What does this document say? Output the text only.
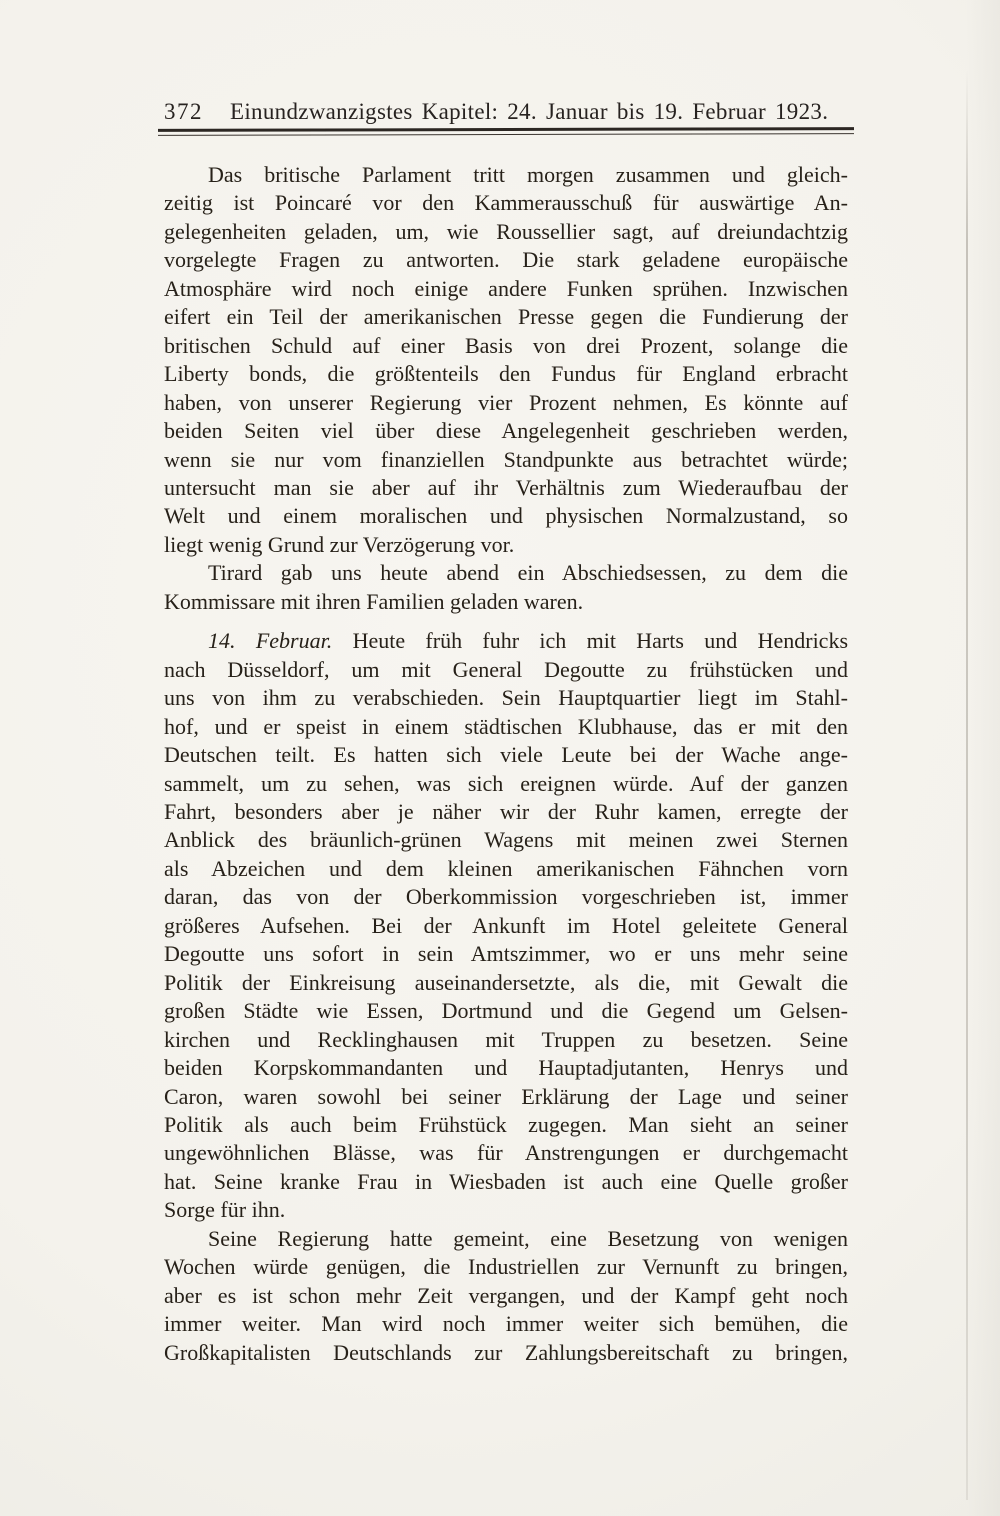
372 Einundzwanzigstes Kapitel: 24. Januar bis 19. Februar 1923.
Das britische Parlament tritt morgen zusammen und gleich-
zeitig ist Poincaré vor den Kammerausschuß für auswärtige An-
gelegenheiten geladen, um, wie Roussellier sagt, auf dreiundachtzig
vorgelegte Fragen zu antworten. Die stark geladene europäische
Atmosphäre wird noch einige andere Funken sprühen. Inzwischen
eifert ein Teil der amerikanischen Presse gegen die Fundierung der
britischen Schuld auf einer Basis von drei Prozent, solange die
Liberty bonds, die größtenteils den Fundus für England erbracht
haben, von unserer Regierung vier Prozent nehmen, Es könnte auf
beiden Seiten viel über diese Angelegenheit geschrieben werden,
wenn sie nur vom finanziellen Standpunkte aus betrachtet würde;
untersucht man sie aber auf ihr Verhältnis zum Wiederaufbau der
Welt und einem moralischen und physischen Normalzustand, so
liegt wenig Grund zur Verzögerung vor.
Tirard gab uns heute abend ein Abschiedsessen, zu dem die
Kommissare mit ihren Familien geladen waren.
14. Februar. Heute früh fuhr ich mit Harts und Hendricks
nach Düsseldorf, um mit General Degoutte zu frühstücken und
uns von ihm zu verabschieden. Sein Hauptquartier liegt im Stahl-
hof, und er speist in einem städtischen Klubhause, das er mit den
Deutschen teilt. Es hatten sich viele Leute bei der Wache ange-
sammelt, um zu sehen, was sich ereignen würde. Auf der ganzen
Fahrt, besonders aber je näher wir der Ruhr kamen, erregte der
Anblick des bräunlich-grünen Wagens mit meinen zwei Sternen
als Abzeichen und dem kleinen amerikanischen Fähnchen vorn
daran, das von der Oberkommission vorgeschrieben ist, immer
größeres Aufsehen. Bei der Ankunft im Hotel geleitete General
Degoutte uns sofort in sein Amtszimmer, wo er uns mehr seine
Politik der Einkreisung auseinandersetzte, als die, mit Gewalt die
großen Städte wie Essen, Dortmund und die Gegend um Gelsen-
kirchen und Recklinghausen mit Truppen zu besetzen. Seine
beiden Korpskommandanten und Hauptadjutanten, Henrys und
Caron, waren sowohl bei seiner Erklärung der Lage und seiner
Politik als auch beim Frühstück zugegen. Man sieht an seiner
ungewöhnlichen Blässe, was für Anstrengungen er durchgemacht
hat. Seine kranke Frau in Wiesbaden ist auch eine Quelle großer
Sorge für ihn.
Seine Regierung hatte gemeint, eine Besetzung von wenigen
Wochen würde genügen, die Industriellen zur Vernunft zu bringen,
aber es ist schon mehr Zeit vergangen, und der Kampf geht noch
immer weiter. Man wird noch immer weiter sich bemühen, die
Großkapitalisten Deutschlands zur Zahlungsbereitschaft zu bringen,
